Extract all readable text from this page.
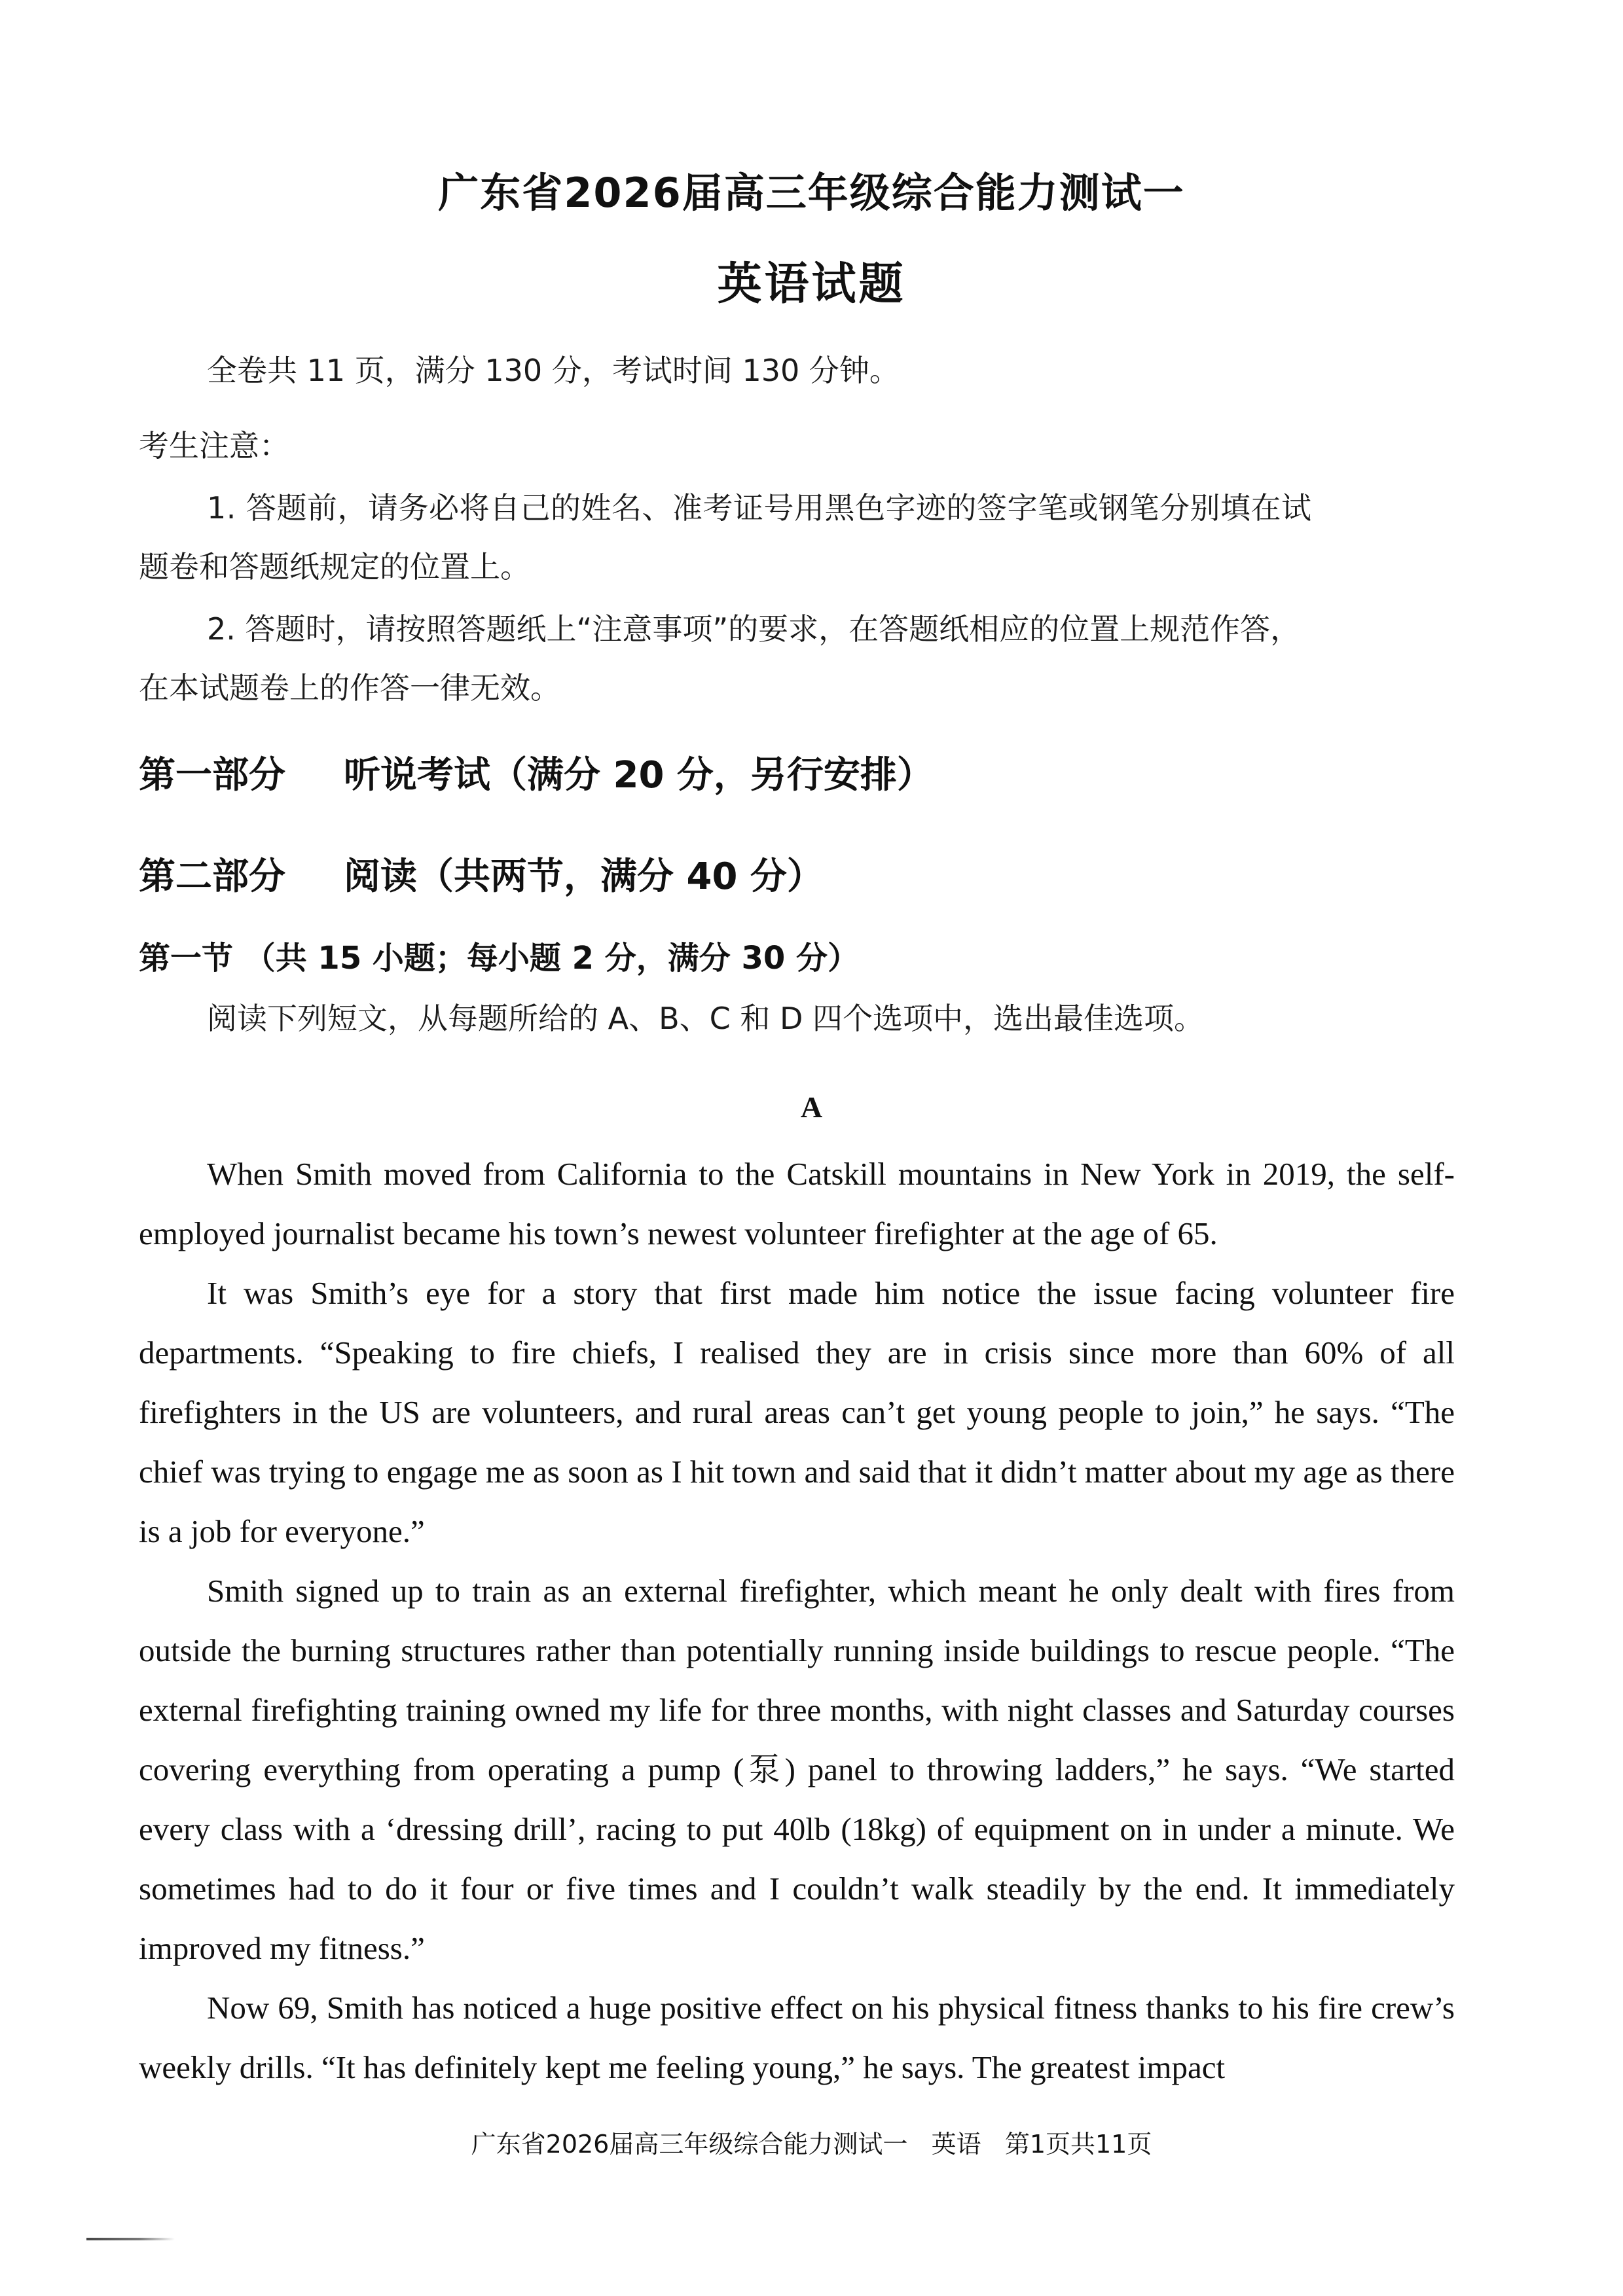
广东省2026届高三年级综合能力测试一
英语试题
全卷共 11 页，满分 130 分，考试时间 130 分钟。
考生注意：
1. 答题前，请务必将自己的姓名、准考证号用黑色字迹的签字笔或钢笔分别填在试
题卷和答题纸规定的位置上。
2. 答题时，请按照答题纸上“注意事项”的要求，在答题纸相应的位置上规范作答，
在本试题卷上的作答一律无效。
第一部分 听说考试（满分 20 分，另行安排）
第二部分 阅读（共两节，满分 40 分）
第一节 （共 15 小题；每小题 2 分，满分 30 分）
阅读下列短文，从每题所给的 A、B、C 和 D 四个选项中，选出最佳选项。
A

When Smith moved from California to the Catskill mountains in New York in 2019, the self-employed journalist became his town’s newest volunteer firefighter at the age of 65.

It was Smith’s eye for a story that first made him notice the issue facing volunteer fire departments. “Speaking to fire chiefs, I realised they are in crisis since more than 60% of all firefighters in the US are volunteers, and rural areas can’t get young people to join,” he says. “The chief was trying to engage me as soon as I hit town and said that it didn’t matter about my age as there is a job for everyone.”

Smith signed up to train as an external firefighter, which meant he only dealt with fires from outside the burning structures rather than potentially running inside buildings to rescue people. “The external firefighting training owned my life for three months, with night classes and Saturday courses covering everything from operating a pump (泵) panel to throwing ladders,” he says. “We started every class with a ‘dressing drill’, racing to put 40lb (18kg) of equipment on in under a minute. We sometimes had to do it four or five times and I couldn’t walk steadily by the end. It immediately improved my fitness.”

Now 69, Smith has noticed a huge positive effect on his physical fitness thanks to his fire crew’s weekly drills. “It has definitely kept me feeling young,” he says. The greatest impact

广东省2026届高三年级综合能力测试一   英语   第1页共11页
